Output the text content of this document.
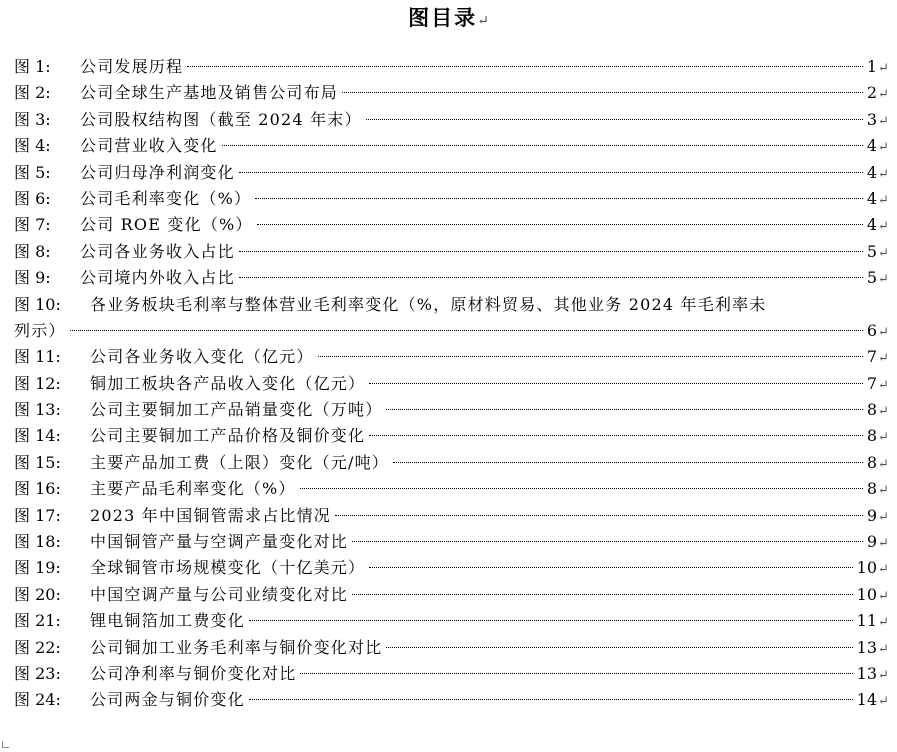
图目录↵
图 1:	公司发展历程	1 ↵
图 2:	公司全球生产基地及销售公司布局	2 ↵
图 3:	公司股权结构图（截至 2024 年末）	3 ↵
图 4:	公司营业收入变化	4 ↵
图 5:	公司归母净利润变化	4 ↵
图 6:	公司毛利率变化（%）	4 ↵
图 7:	公司 ROE 变化（%）	4 ↵
图 8:	公司各业务收入占比	5 ↵
图 9:	公司境内外收入占比	5 ↵
图 10:	各业务板块毛利率与整体营业毛利率变化（%，原材料贸易、其他业务 2024 年毛利率未
列示）	6 ↵
图 11:	公司各业务收入变化（亿元）	7 ↵
图 12:	铜加工板块各产品收入变化（亿元）	7 ↵
图 13:	公司主要铜加工产品销量变化（万吨）	8 ↵
图 14:	公司主要铜加工产品价格及铜价变化	8 ↵
图 15:	主要产品加工费（上限）变化（元/吨）	8 ↵
图 16:	主要产品毛利率变化（%）	8 ↵
图 17:	2023 年中国铜管需求占比情况	9 ↵
图 18:	中国铜管产量与空调产量变化对比	9 ↵
图 19:	全球铜管市场规模变化（十亿美元）	10 ↵
图 20:	中国空调产量与公司业绩变化对比	10 ↵
图 21:	锂电铜箔加工费变化	11 ↵
图 22:	公司铜加工业务毛利率与铜价变化对比	13 ↵
图 23:	公司净利率与铜价变化对比	13 ↵
图 24:	公司两金与铜价变化	14 ↵
